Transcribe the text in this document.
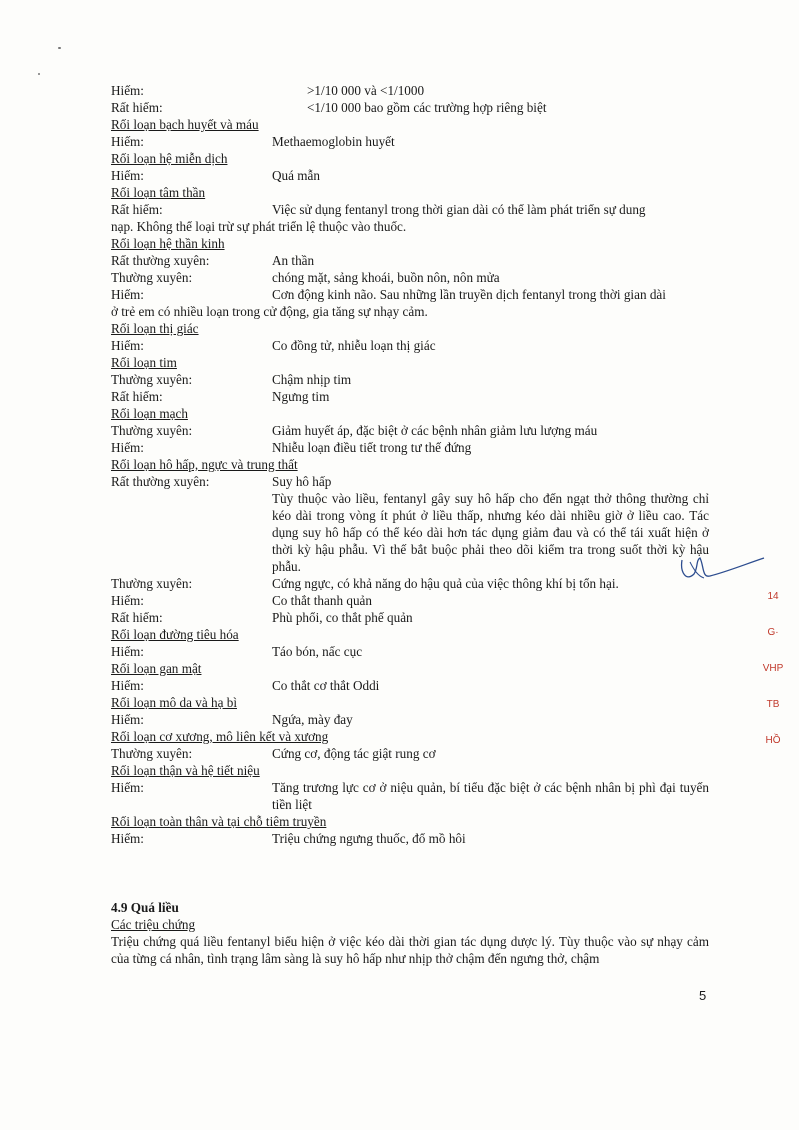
Hiếm:	>1/10 000 và <1/1000
Rất hiếm:	<1/10 000 bao gồm các trường hợp riêng biệt
Rối loạn bạch huyết và máu
Hiếm:	Methaemoglobin huyết
Rối loạn hệ miễn dịch
Hiếm:	Quá mẫn
Rối loạn tâm thần
Rất hiếm:	Việc sử dụng fentanyl trong thời gian dài có thể làm phát triển sự dung
nạp. Không thể loại trừ sự phát triển lệ thuộc vào thuốc.
Rối loạn hệ thần kinh
Rất thường xuyên:	An thần
Thường xuyên:	chóng mặt, sảng khoái, buồn nôn, nôn mửa
Hiếm:	Cơn động kinh não. Sau những lần truyền dịch fentanyl trong thời gian dài
ở trẻ em có nhiều loạn trong cử động, gia tăng sự nhạy cảm.
Rối loạn thị giác
Hiếm:	Co đồng tử, nhiễu loạn thị giác
Rối loạn tim
Thường xuyên:	Chậm nhịp tim
Rất hiếm:	Ngưng tim
Rối loạn mạch
Thường xuyên:	Giảm huyết áp, đặc biệt ở các bệnh nhân giảm lưu lượng máu
Hiếm:	Nhiễu loạn điều tiết trong tư thế đứng
Rối loạn hô hấp, ngực và trung thất
Rất thường xuyên:	Suy hô hấp
Tùy thuộc vào liều, fentanyl gây suy hô hấp cho đến ngạt thở thông thường chỉ kéo dài trong vòng ít phút ở liều thấp, nhưng kéo dài nhiều giờ ở liều cao. Tác dụng suy hô hấp có thể kéo dài hơn tác dụng giảm đau và có thể tái xuất hiện ở thời kỳ hậu phẫu. Vì thế bắt buộc phải theo dõi kiểm tra trong suốt thời kỳ hậu phẫu.
Thường xuyên:	Cứng ngực, có khả năng do hậu quả của việc thông khí bị tổn hại.
Hiếm:	Co thắt thanh quản
Rất hiếm:	Phù phổi, co thắt phế quản
Rối loạn đường tiêu hóa
Hiếm:	Táo bón, nấc cục
Rối loạn gan mật
Hiếm:	Co thắt cơ thắt Oddi
Rối loạn mô da và hạ bì
Hiếm:	Ngứa, mày đay
Rối loạn cơ xương, mô liên kết và xương
Thường xuyên:	Cứng cơ, động tác giật rung cơ
Rối loạn thận và hệ tiết niệu
Hiếm:	Tăng trương lực cơ ở niệu quản, bí tiểu đặc biệt ở các bệnh nhân bị phì đại tuyến tiền liệt
Rối loạn toàn thân và tại chỗ tiêm truyền
Hiếm:	Triệu chứng ngưng thuốc, đổ mồ hôi
4.9 Quá liều
Các triệu chứng
Triệu chứng quá liều fentanyl biểu hiện ở việc kéo dài thời gian tác dụng dược lý. Tùy thuộc vào sự nhạy cảm của từng cá nhân, tình trạng lâm sàng là suy hô hấp như nhịp thở chậm đến ngưng thở, chậm
14
G·
VHP
TB
HỒ
5
